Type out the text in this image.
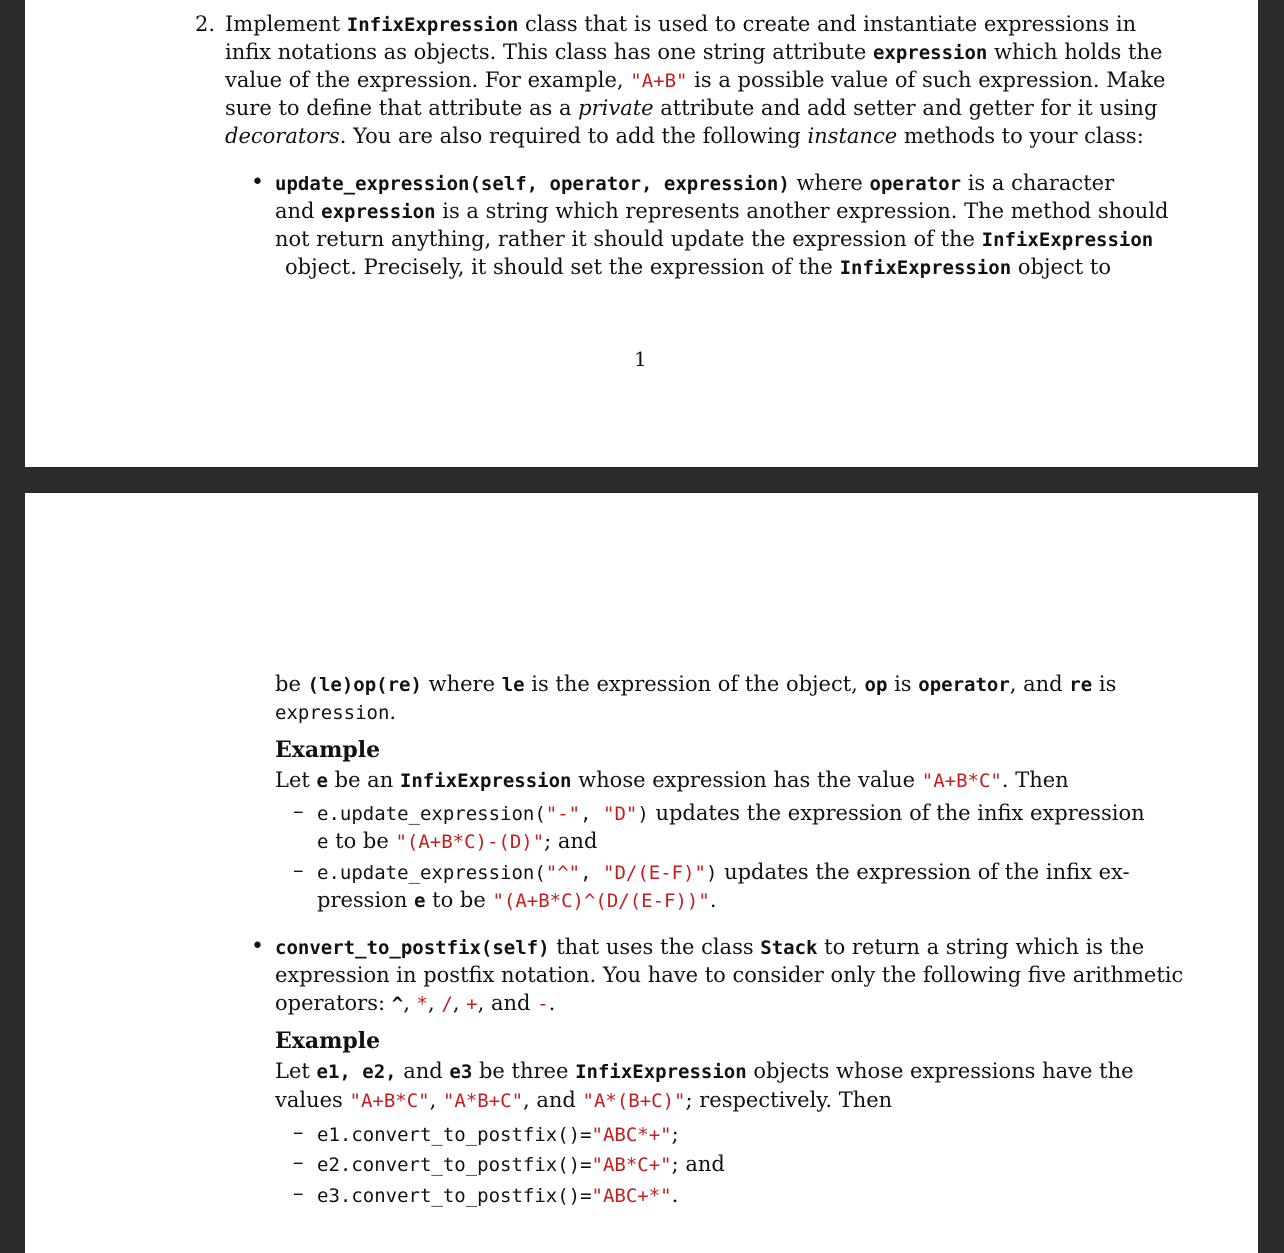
2. Implement InfixExpression class that is used to create and instantiate expressions in
infix notations as objects. This class has one string attribute expression which holds the
value of the expression. For example, "A+B" is a possible value of such expression. Make
sure to define that attribute as a private attribute and add setter and getter for it using
decorators. You are also required to add the following instance methods to your class:
• update_expression(self, operator, expression) where operator is a character
and expression is a string which represents another expression. The method should
not return anything, rather it should update the expression of the InfixExpression
object. Precisely, it should set the expression of the InfixExpression object to
1
be (le)op(re) where le is the expression of the object, op is operator, and re is
expression.
Example
Let e be an InfixExpression whose expression has the value "A+B*C". Then
– e.update_expression("-", "D") updates the expression of the infix expression
e to be "(A+B*C)-(D)"; and
– e.update_expression("^", "D/(E-F)") updates the expression of the infix ex-
pression e to be "(A+B*C)^(D/(E-F))".
• convert_to_postfix(self) that uses the class Stack to return a string which is the
expression in postfix notation. You have to consider only the following five arithmetic
operators: ^, *, /, +, and -.
Example
Let e1, e2, and e3 be three InfixExpression objects whose expressions have the
values "A+B*C", "A*B+C", and "A*(B+C)"; respectively. Then
– e1.convert_to_postfix()="ABC*+";
– e2.convert_to_postfix()="AB*C+"; and
– e3.convert_to_postfix()="ABC+*".
